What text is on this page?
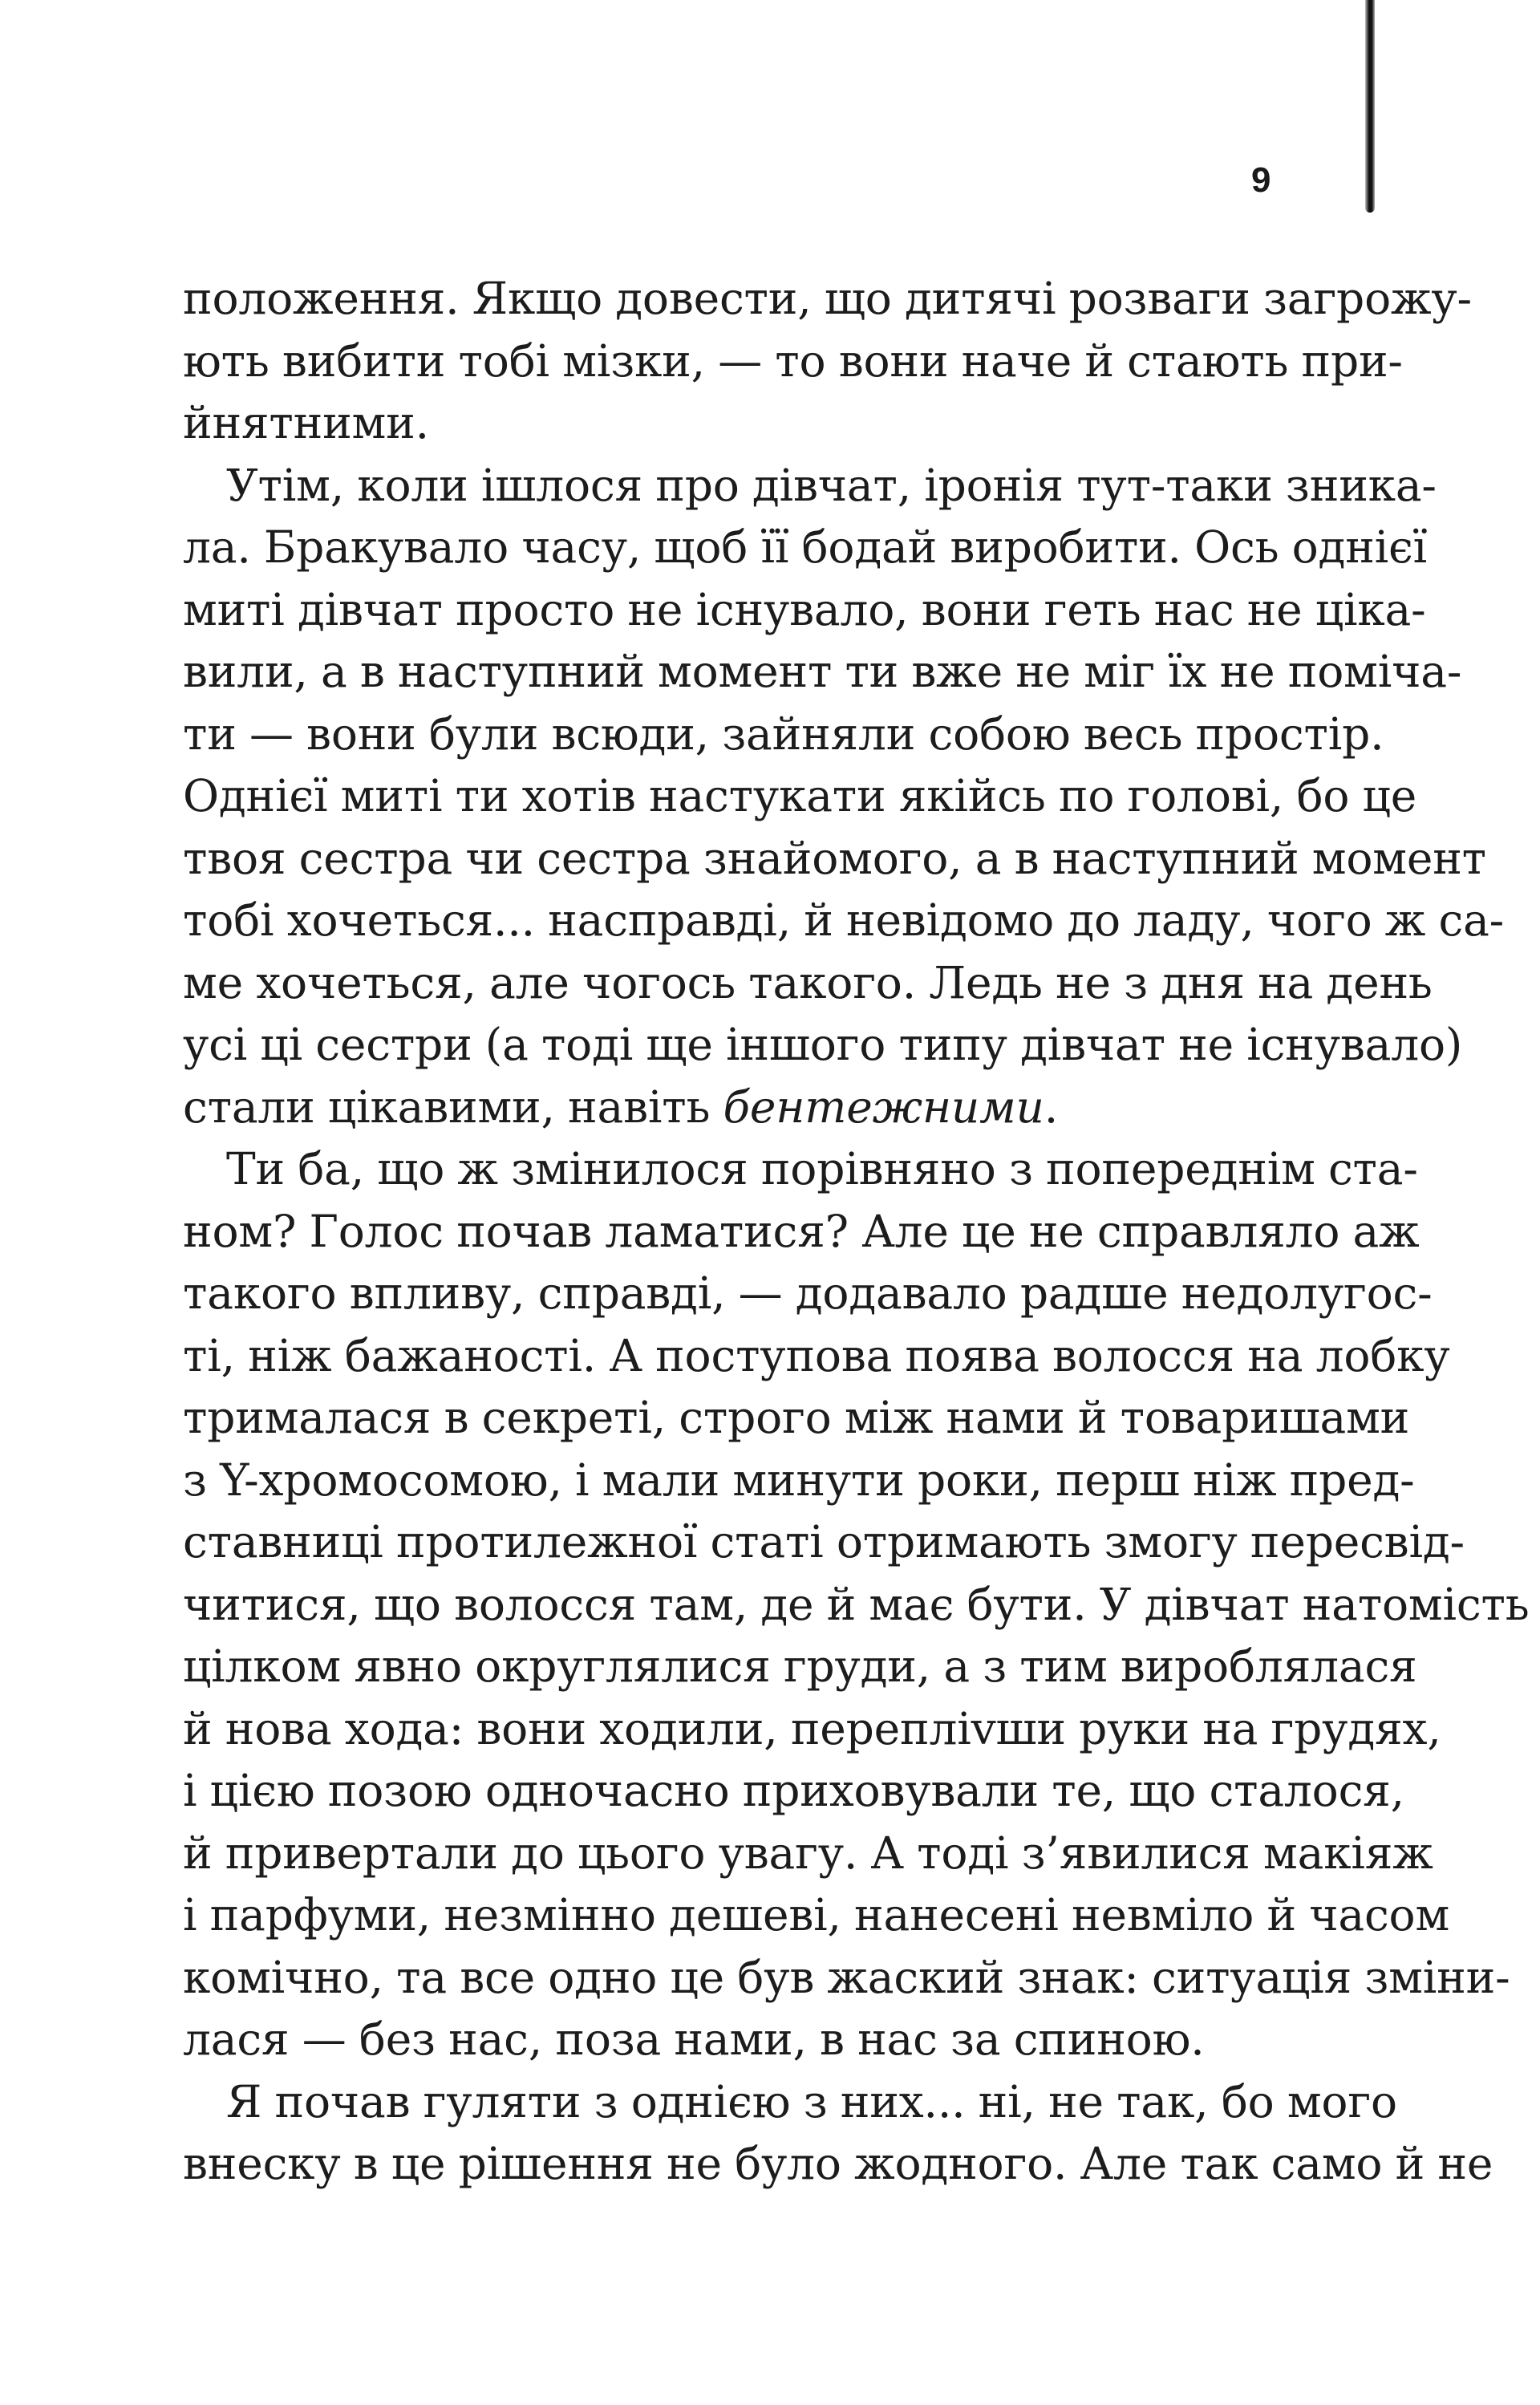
9
положення. Якщо довести, що дитячі розваги загрожу-
ють вибити тобі мізки, — то вони наче й стають при-
йнятними.
Утім, коли ішлося про дівчат, іронія тут-таки зника-
ла. Бракувало часу, щоб її бодай виробити. Ось однієї
миті дівчат просто не існувало, вони геть нас не ціка-
вили, а в наступний момент ти вже не міг їх не поміча-
ти — вони були всюди, зайняли собою весь простір.
Однієї миті ти хотів настукати якійсь по голові, бо це
твоя сестра чи сестра знайомого, а в наступний момент
тобі хочеться... насправді, й невідомо до ладу, чого ж са-
ме хочеться, але чогось такого. Ледь не з дня на день
усі ці сестри (а тоді ще іншого типу дівчат не існувало)
стали цікавими, навіть бентежними.
Ти ба, що ж змінилося порівняно з попереднім ста-
ном? Голос почав ламатися? Але це не справляло аж
такого впливу, справді, — додавало радше недолугос-
ті, ніж бажаності. А поступова поява волосся на лобку
трималася в секреті, строго між нами й товаришами
з Y-хромосомою, і мали минути роки, перш ніж пред-
ставниці протилежної статі отримають змогу пересвід-
читися, що волосся там, де й має бути. У дівчат натомість
цілком явно округлялися груди, а з тим вироблялася
й нова хода: вони ходили, перепліvши руки на грудях,
і цією позою одночасно приховували те, що сталося,
й привертали до цього увагу. А тоді з’явилися макіяж
і парфуми, незмінно дешеві, нанесені невміло й часом
комічно, та все одно це був жаский знак: ситуація зміни-
лася — без нас, поза нами, в нас за спиною.
Я почав гуляти з однією з них... ні, не так, бо мого
внеску в це рішення не було жодного. Але так само й не
